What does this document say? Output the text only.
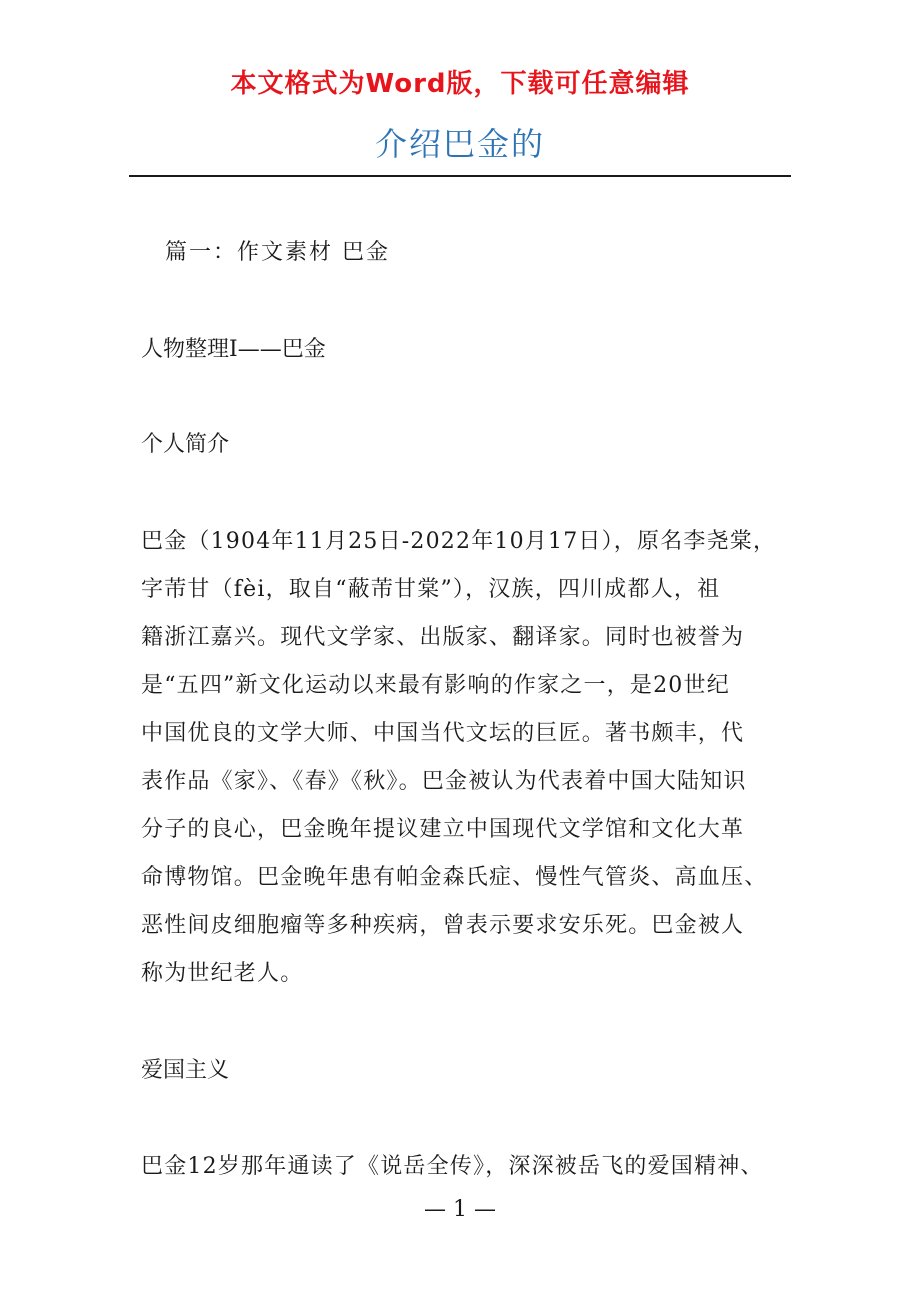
本文格式为Word版，下载可任意编辑
介绍巴金的
篇一：作文素材 巴金

人物整理Ⅰ——巴金

个人简介

巴金（1904年11月25日-2022年10月17日），原名李尧棠，
字芾甘（fèi，取自“蔽芾甘棠”），汉族，四川成都人，祖
籍浙江嘉兴。现代文学家、出版家、翻译家。同时也被誉为
是“五四”新文化运动以来最有影响的作家之一，是20世纪
中国优良的文学大师、中国当代文坛的巨匠。著书颇丰，代
表作品《家》、《春》《秋》。巴金被认为代表着中国大陆知识
分子的良心，巴金晚年提议建立中国现代文学馆和文化大革
命博物馆。巴金晚年患有帕金森氏症、慢性气管炎、高血压、
恶性间皮细胞瘤等多种疾病，曾表示要求安乐死。巴金被人
称为世纪老人。

爱国主义

巴金12岁那年通读了《说岳全传》，深深被岳飞的爱国精神、

— 1 —
